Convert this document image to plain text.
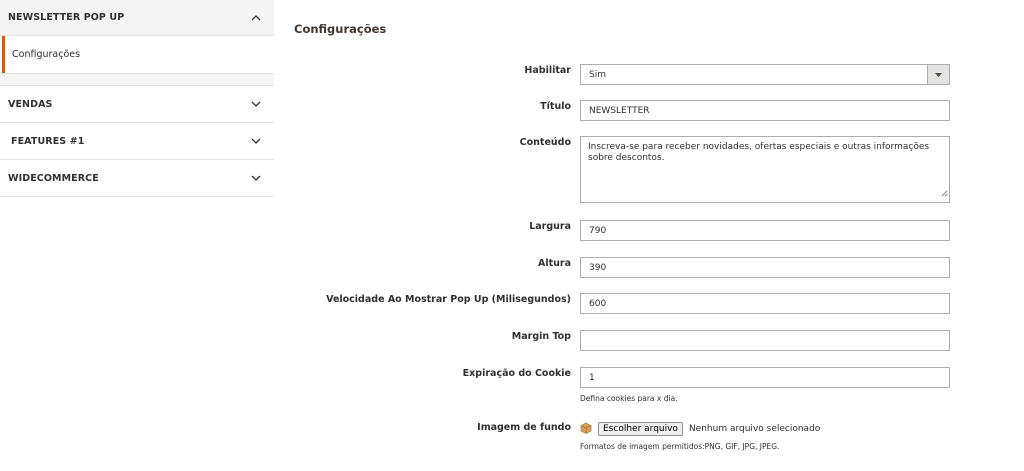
NEWSLETTER POP UP
Configurações
VENDAS
FEATURES #1
WIDECOMMERCE
Configurações
Habilitar Sim
Título	NEWSLETTER
Conteúdo	Inscreva-se para receber novidades, ofertas especiais e outras informações sobre descontos.
Largura	790
Altura	390
Velocidade Ao Mostrar Pop Up (Milisegundos)	600
Margin Top
Expiração do Cookie	1
Defina cookies para x dia.
Imagem de fundo	Escolher arquivo	Nenhum arquivo selecionado
Formatos de imagem permitidos:PNG, GIF, JPG, JPEG.
